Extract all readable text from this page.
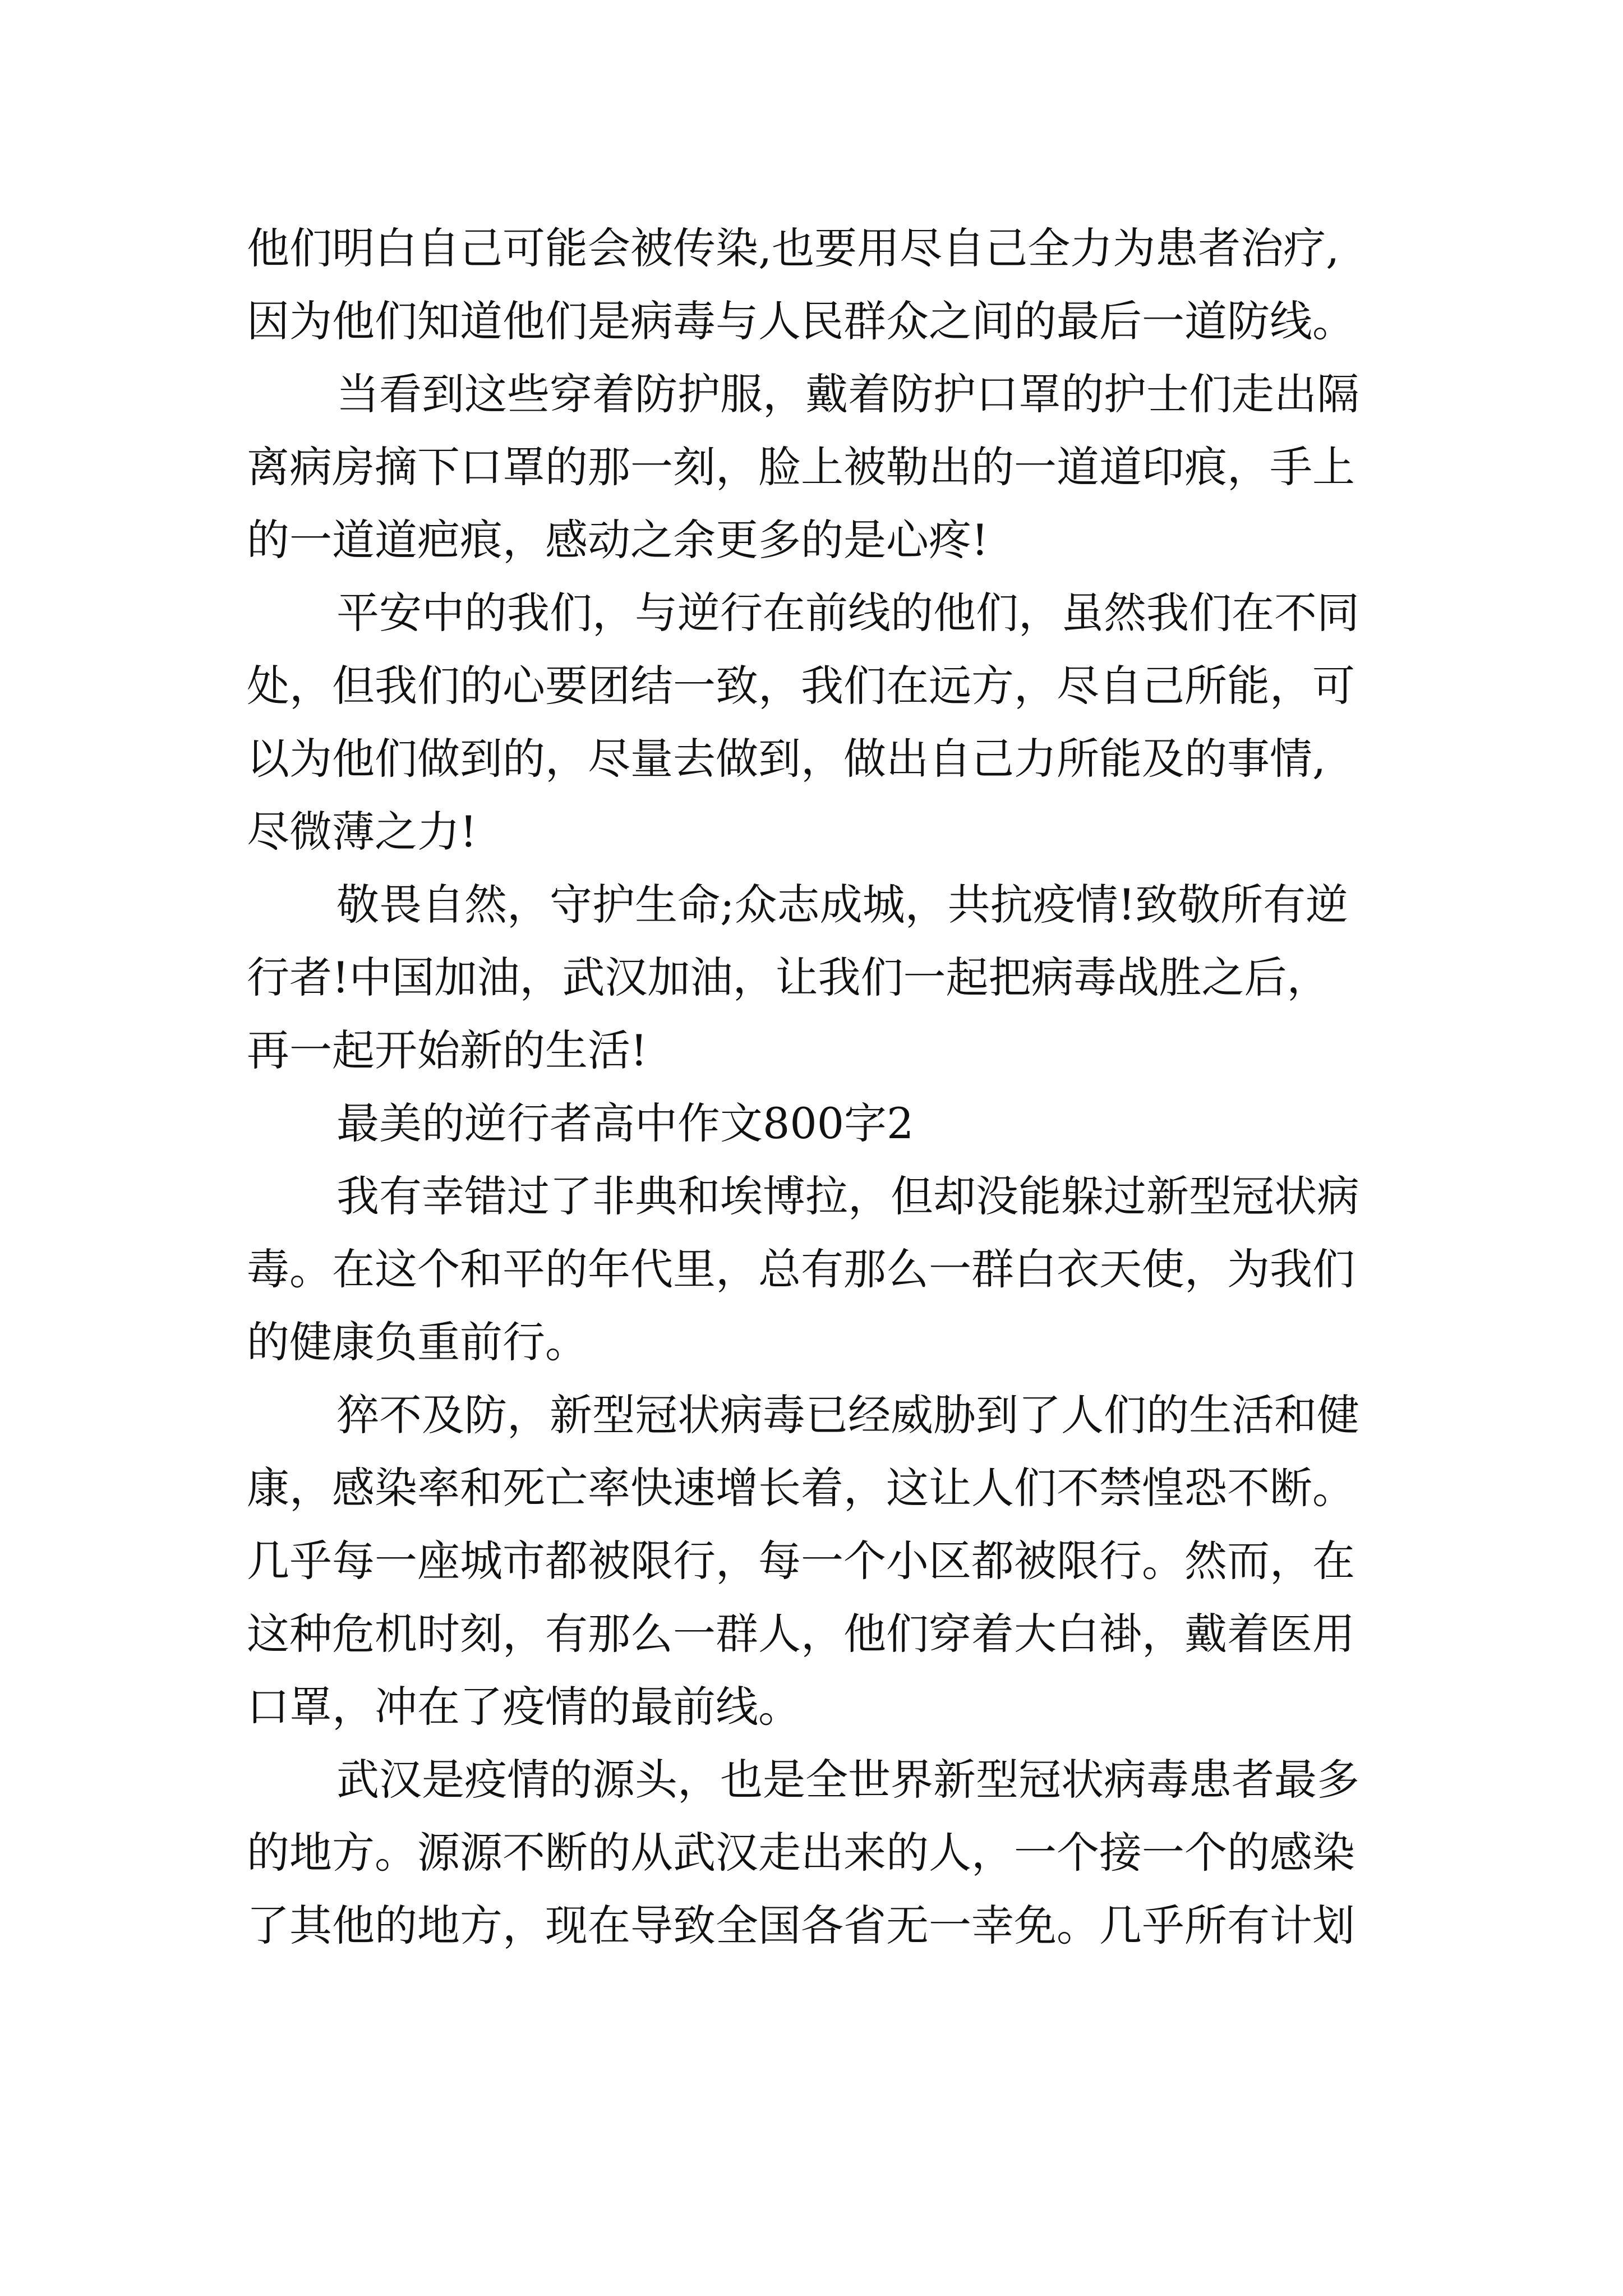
他们明白自己可能会被传染,也要用尽自己全力为患者治疗,

因为他们知道他们是病毒与人民群众之间的最后一道防线。

当看到这些穿着防护服，戴着防护口罩的护士们走出隔

离病房摘下口罩的那一刻，脸上被勒出的一道道印痕，手上

的一道道疤痕，感动之余更多的是心疼!

平安中的我们，与逆行在前线的他们，虽然我们在不同

处，但我们的心要团结一致，我们在远方，尽自己所能，可

以为他们做到的，尽量去做到，做出自己力所能及的事情,

尽微薄之力!

敬畏自然，守护生命;众志成城，共抗疫情!致敬所有逆

行者!中国加油，武汉加油，让我们一起把病毒战胜之后，

再一起开始新的生活!

最美的逆行者高中作文800字2

我有幸错过了非典和埃博拉，但却没能躲过新型冠状病

毒。在这个和平的年代里，总有那么一群白衣天使，为我们

的健康负重前行。

猝不及防，新型冠状病毒已经威胁到了人们的生活和健

康，感染率和死亡率快速增长着，这让人们不禁惶恐不断。

几乎每一座城市都被限行，每一个小区都被限行。然而，在

这种危机时刻，有那么一群人，他们穿着大白褂，戴着医用

口罩，冲在了疫情的最前线。

武汉是疫情的源头，也是全世界新型冠状病毒患者最多

的地方。源源不断的从武汉走出来的人，一个接一个的感染

了其他的地方，现在导致全国各省无一幸免。几乎所有计划
